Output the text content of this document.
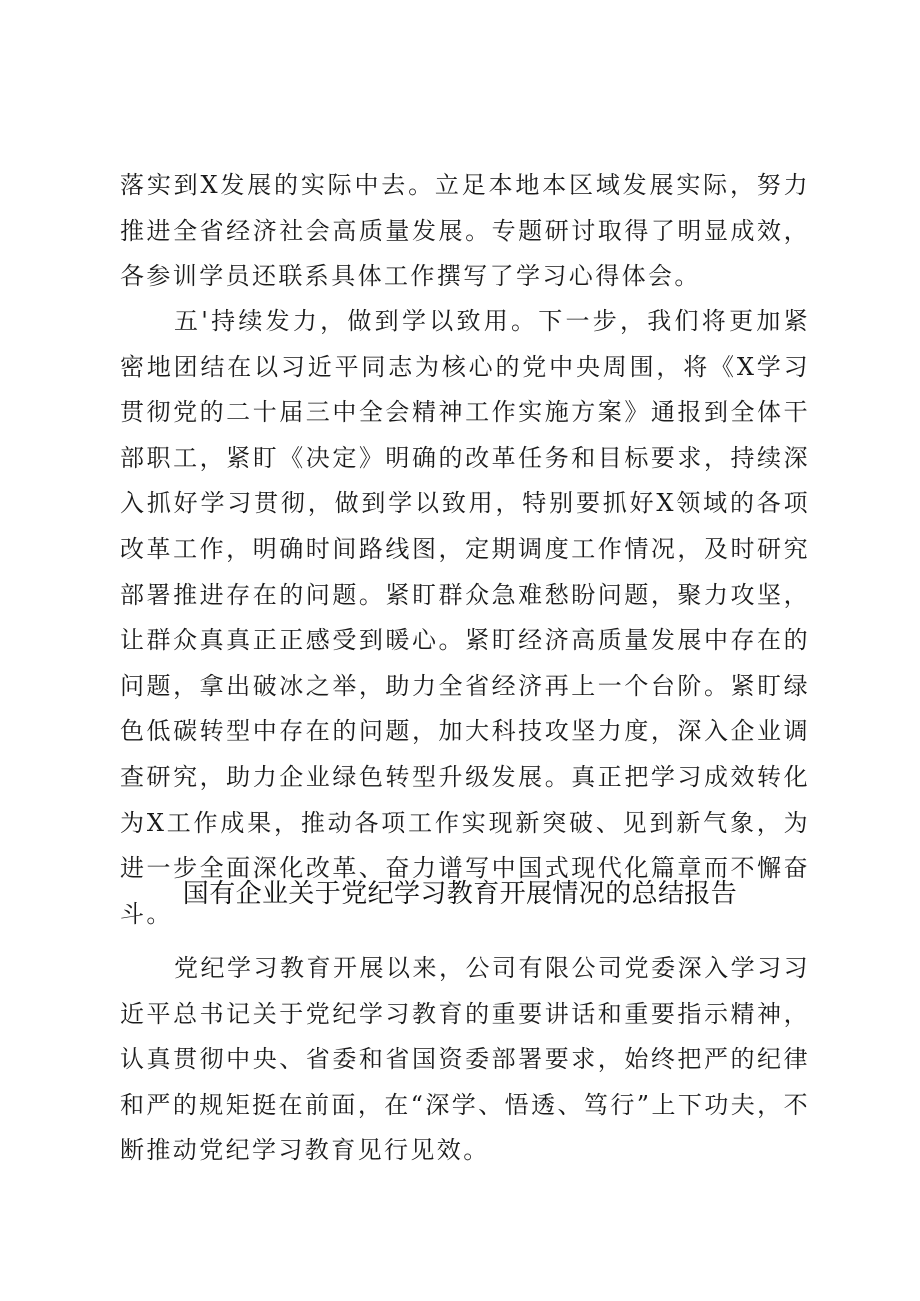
落实到X发展的实际中去。立足本地本区域发展实际，努力推进全省经济社会高质量发展。专题研讨取得了明显成效，各参训学员还联系具体工作撰写了学习心得体会。

五'持续发力，做到学以致用。下一步，我们将更加紧密地团结在以习近平同志为核心的党中央周围，将《X学习贯彻党的二十届三中全会精神工作实施方案》通报到全体干部职工，紧盯《决定》明确的改革任务和目标要求，持续深入抓好学习贯彻，做到学以致用，特别要抓好X领域的各项改革工作，明确时间路线图，定期调度工作情况，及时研究部署推进存在的问题。紧盯群众急难愁盼问题，聚力攻坚，让群众真真正正感受到暖心。紧盯经济高质量发展中存在的问题，拿出破冰之举，助力全省经济再上一个台阶。紧盯绿色低碳转型中存在的问题，加大科技攻坚力度，深入企业调查研究，助力企业绿色转型升级发展。真正把学习成效转化为X工作成果，推动各项工作实现新突破、见到新气象，为进一步全面深化改革、奋力谱写中国式现代化篇章而不懈奋斗。

国有企业关于党纪学习教育开展情况的总结报告

党纪学习教育开展以来，公司有限公司党委深入学习习近平总书记关于党纪学习教育的重要讲话和重要指示精神，认真贯彻中央、省委和省国资委部署要求，始终把严的纪律和严的规矩挺在前面，在“深学、悟透、笃行”上下功夫，不断推动党纪学习教育见行见效。
